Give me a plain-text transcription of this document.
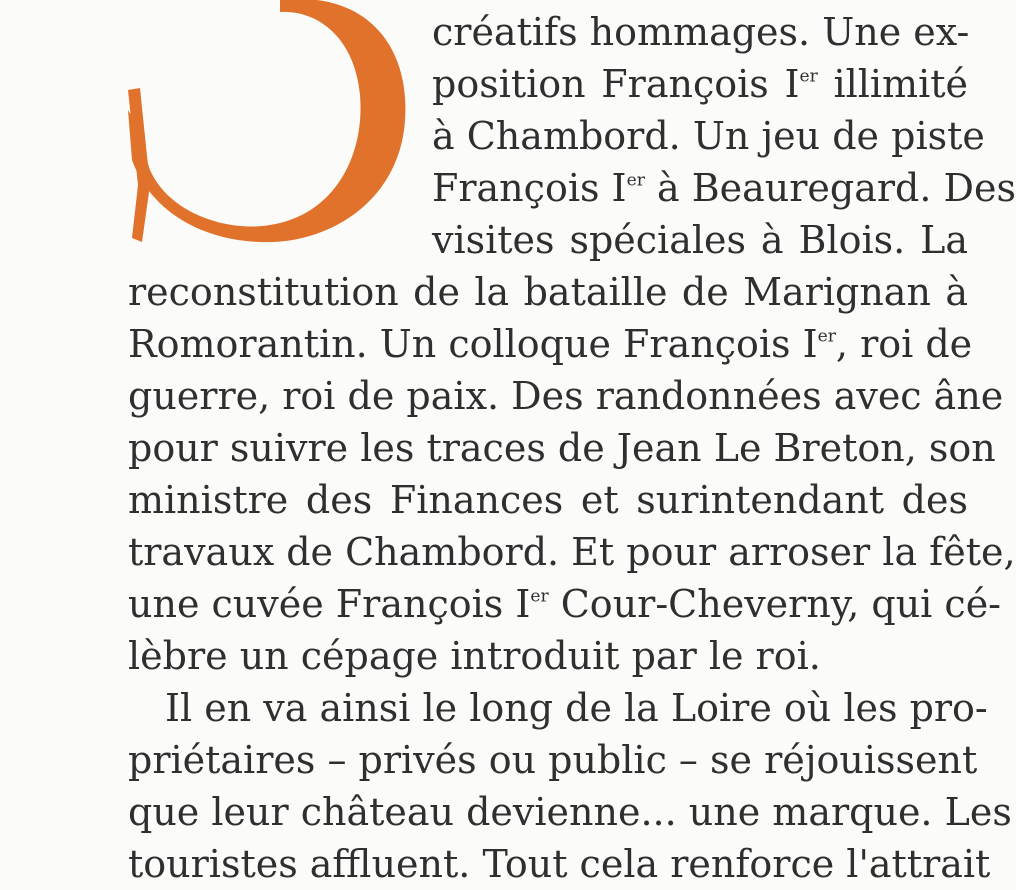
créatifs hommages. Une ex-
position François Ier illimité
à Chambord. Un jeu de piste
François Ier à Beauregard. Des
visites spéciales à Blois. La
reconstitution de la bataille de Marignan à
Romorantin. Un colloque François Ier, roi de
guerre, roi de paix. Des randonnées avec âne
pour suivre les traces de Jean Le Breton, son
ministre des Finances et surintendant des
travaux de Chambord. Et pour arroser la fête,
une cuvée François Ier Cour-Cheverny, qui cé-
lèbre un cépage introduit par le roi.
Il en va ainsi le long de la Loire où les pro-
priétaires – privés ou public – se réjouissent
que leur château devienne... une marque. Les
touristes affluent. Tout cela renforce l'attrait
